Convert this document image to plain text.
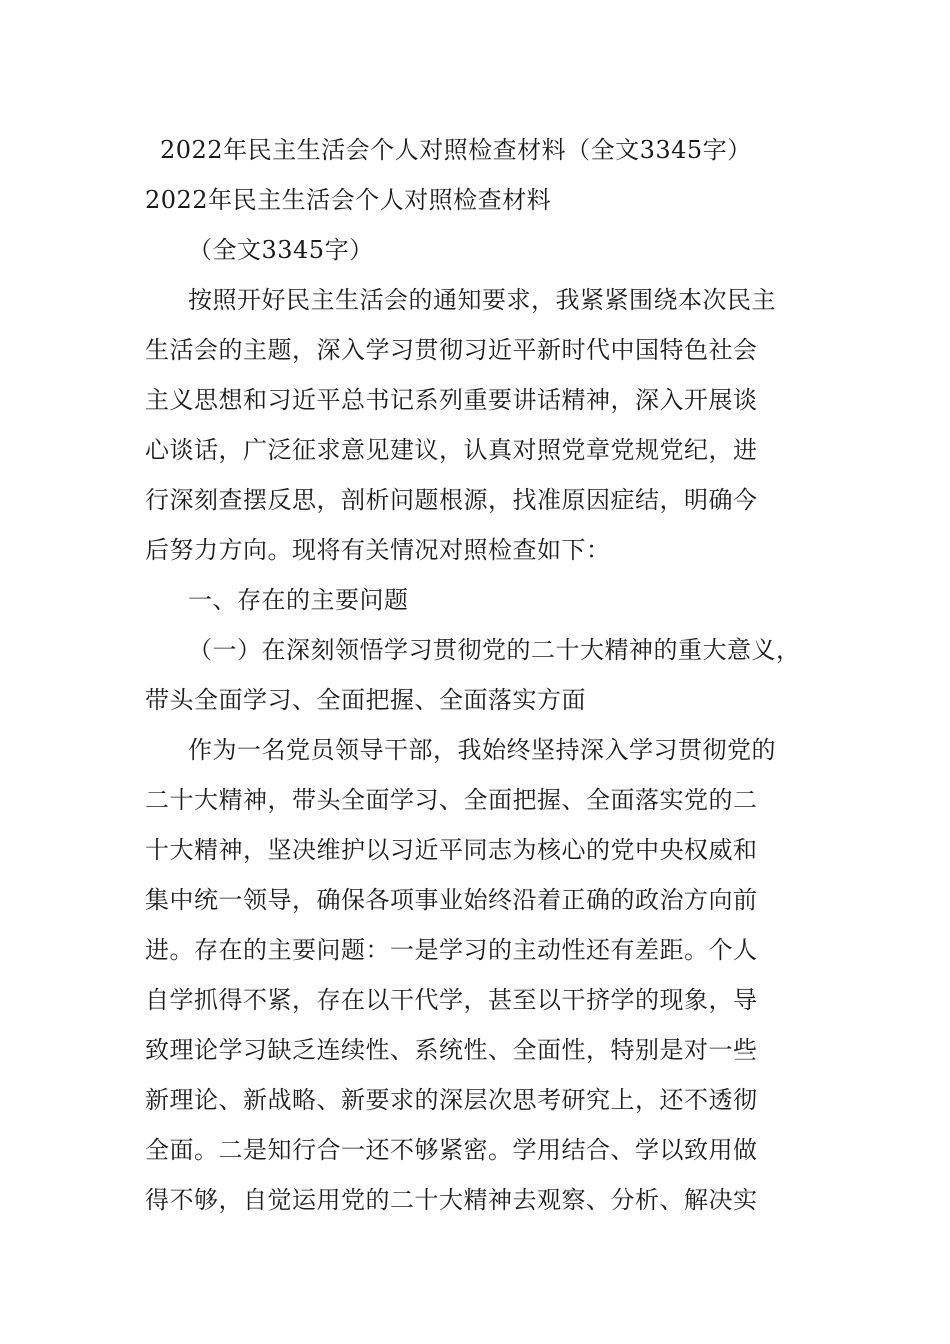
2022年民主生活会个人对照检查材料（全文3345字）
2022年民主生活会个人对照检查材料
（全文3345字）
按照开好民主生活会的通知要求，我紧紧围绕本次民主
生活会的主题，深入学习贯彻习近平新时代中国特色社会
主义思想和习近平总书记系列重要讲话精神，深入开展谈
心谈话，广泛征求意见建议，认真对照党章党规党纪，进
行深刻查摆反思，剖析问题根源，找准原因症结，明确今
后努力方向。现将有关情况对照检查如下：
一、存在的主要问题
（一）在深刻领悟学习贯彻党的二十大精神的重大意义，
带头全面学习、全面把握、全面落实方面
作为一名党员领导干部，我始终坚持深入学习贯彻党的
二十大精神，带头全面学习、全面把握、全面落实党的二
十大精神，坚决维护以习近平同志为核心的党中央权威和
集中统一领导，确保各项事业始终沿着正确的政治方向前
进。存在的主要问题：一是学习的主动性还有差距。个人
自学抓得不紧，存在以干代学，甚至以干挤学的现象，导
致理论学习缺乏连续性、系统性、全面性，特别是对一些
新理论、新战略、新要求的深层次思考研究上，还不透彻
全面。二是知行合一还不够紧密。学用结合、学以致用做
得不够，自觉运用党的二十大精神去观察、分析、解决实
